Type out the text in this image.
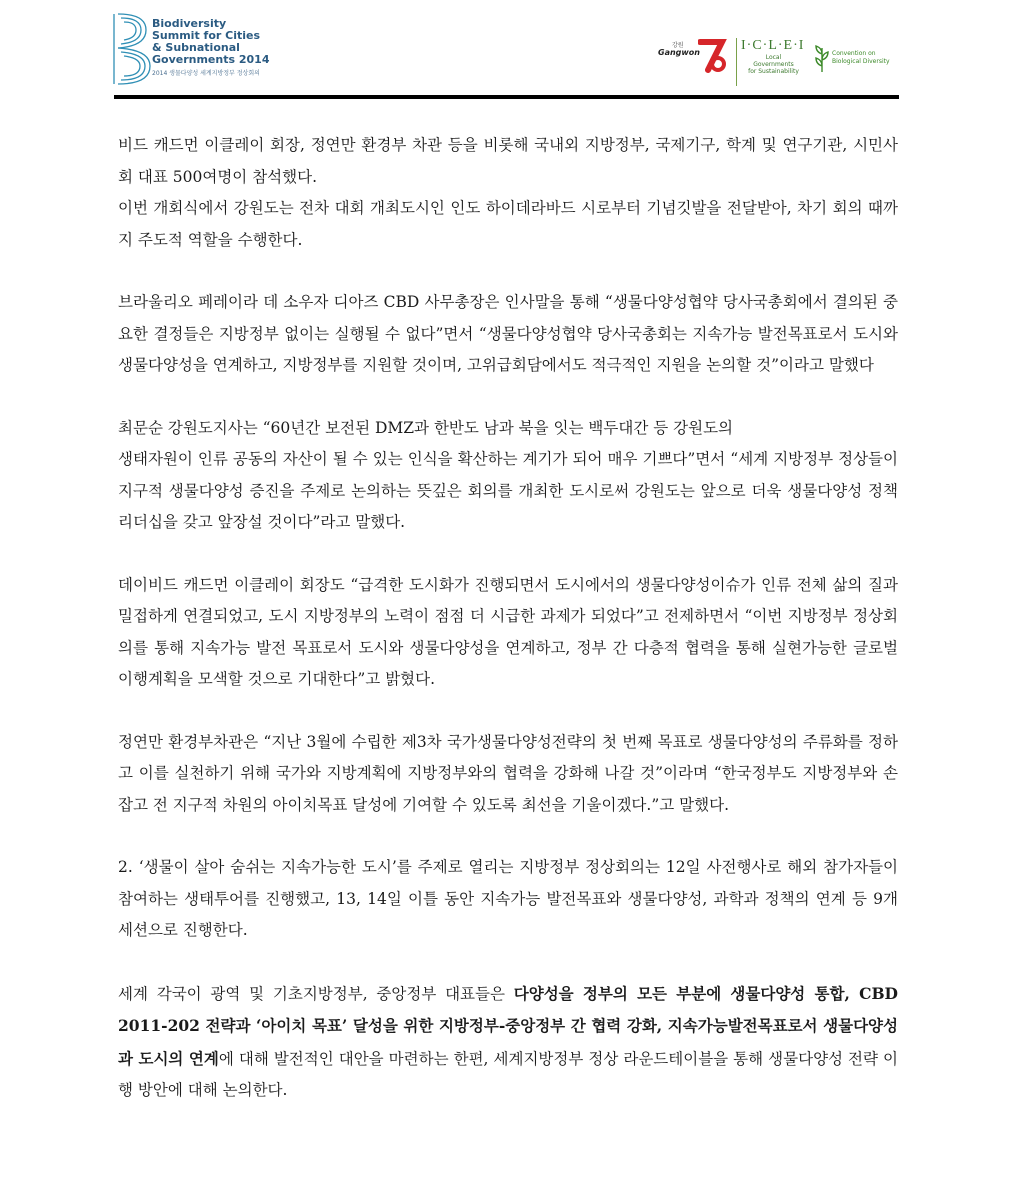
Biodiversity
Summit for Cities
& Subnational
Governments 2014
2014 생물다양성 세계지방정부 정상회의
강원
Gangwon	I·C·L·E·I
Local
Governments
for Sustainability
Convention on
Biological Diversity

비드 캐드먼 이클레이 회장, 정연만 환경부 차관 등을 비롯해 국내외 지방정부, 국제기구, 학계 및 연구기관, 시민사회 대표 500여명이 참석했다.

이번 개회식에서 강원도는 전차 대회 개최도시인 인도 하이데라바드 시로부터 기념깃발을 전달받아, 차기 회의 때까지 주도적 역할을 수행한다.

브라울리오 페레이라 데 소우자 디아즈 CBD 사무총장은 인사말을 통해 “생물다양성협약 당사국총회에서 결의된 중요한 결정들은 지방정부 없이는 실행될 수 없다”면서 “생물다양성협약 당사국총회는 지속가능 발전목표로서 도시와 생물다양성을 연계하고, 지방정부를 지원할 것이며, 고위급회담에서도 적극적인 지원을 논의할 것”이라고 말했다

최문순 강원도지사는 “60년간 보전된 DMZ과 한반도 남과 북을 잇는 백두대간 등 강원도의

생태자원이 인류 공동의 자산이 될 수 있는 인식을 확산하는 계기가 되어 매우 기쁘다”면서 “세계 지방정부 정상들이 지구적 생물다양성 증진을 주제로 논의하는 뜻깊은 회의를 개최한 도시로써 강원도는 앞으로 더욱 생물다양성 정책 리더십을 갖고 앞장설 것이다”라고 말했다.

데이비드 캐드먼 이클레이 회장도 “급격한 도시화가 진행되면서 도시에서의 생물다양성이슈가 인류 전체 삶의 질과 밀접하게 연결되었고, 도시 지방정부의 노력이 점점 더 시급한 과제가 되었다”고 전제하면서 “이번 지방정부 정상회의를 통해 지속가능 발전 목표로서 도시와 생물다양성을 연계하고, 정부 간 다층적 협력을 통해 실현가능한 글로벌 이행계획을 모색할 것으로 기대한다”고 밝혔다.

정연만 환경부차관은 “지난 3월에 수립한 제3차 국가생물다양성전략의 첫 번째 목표로 생물다양성의 주류화를 정하고 이를 실천하기 위해 국가와 지방계획에 지방정부와의 협력을 강화해 나갈 것”이라며 “한국정부도 지방정부와 손잡고 전 지구적 차원의 아이치목표 달성에 기여할 수 있도록 최선을 기울이겠다.”고 말했다.

2. ‘생물이 살아 숨쉬는 지속가능한 도시’를 주제로 열리는 지방정부 정상회의는 12일 사전행사로 해외 참가자들이 참여하는 생태투어를 진행했고, 13, 14일 이틀 동안 지속가능 발전목표와 생물다양성, 과학과 정책의 연계 등 9개 세션으로 진행한다.

세계 각국이 광역 및 기초지방정부, 중앙정부 대표들은 다양성을 정부의 모든 부분에 생물다양성 통합, CBD 2011-202 전략과 ‘아이치 목표’ 달성을 위한 지방정부-중앙정부 간 협력 강화, 지속가능발전목표로서 생물다양성과 도시의 연계에 대해 발전적인 대안을 마련하는 한편, 세계지방정부 정상 라운드테이블을 통해 생물다양성 전략 이행 방안에 대해 논의한다.
